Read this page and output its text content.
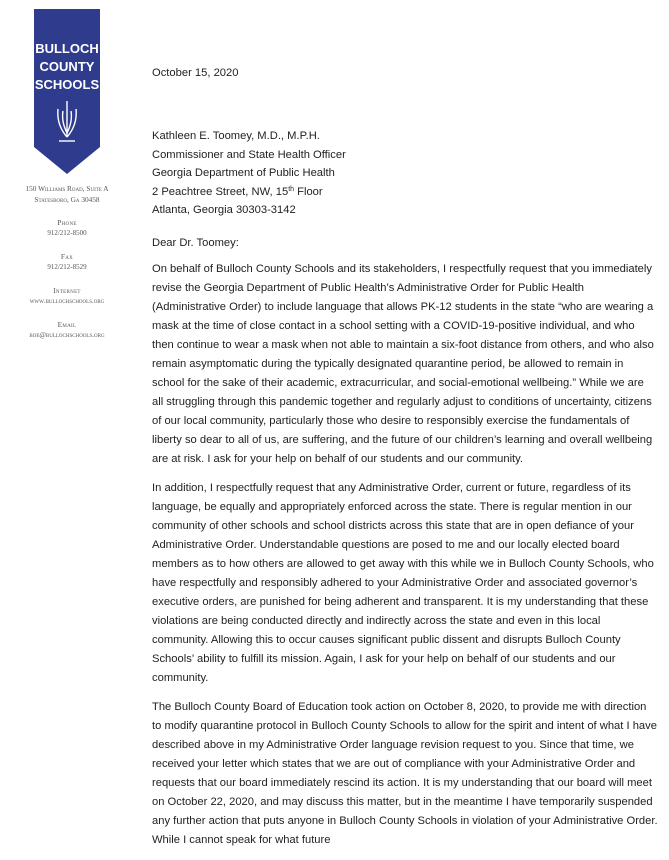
BULLOCH
COUNTY
SCHOOLS
150 Williams Road, Suite A
Statesboro, Ga 30458
Phone
912/212-8500
Fax
912/212-8529
Internet
www.bullochschools.org
Email
boe@bullochschools.org
October 15, 2020
Kathleen E. Toomey, M.D., M.P.H.
Commissioner and State Health Officer
Georgia Department of Public Health
2 Peachtree Street, NW, 15th Floor
Atlanta, Georgia 30303-3142
Dear Dr. Toomey:

On behalf of Bulloch County Schools and its stakeholders, I respectfully request that you immediately revise the Georgia Department of Public Health’s Administrative Order for Public Health (Administrative Order) to include language that allows PK-12 students in the state “who are wearing a mask at the time of close contact in a school setting with a COVID-19-positive individual, and who then continue to wear a mask when not able to maintain a six-foot distance from others, and who also remain asymptomatic during the typically designated quarantine period, be allowed to remain in school for the sake of their academic, extracurricular, and social-emotional wellbeing.” While we are all struggling through this pandemic together and regularly adjust to conditions of uncertainty, citizens of our local community, particularly those who desire to responsibly exercise the fundamentals of liberty so dear to all of us, are suffering, and the future of our children’s learning and overall wellbeing are at risk. I ask for your help on behalf of our students and our community.

In addition, I respectfully request that any Administrative Order, current or future, regardless of its language, be equally and appropriately enforced across the state. There is regular mention in our community of other schools and school districts across this state that are in open defiance of your Administrative Order. Understandable questions are posed to me and our locally elected board members as to how others are allowed to get away with this while we in Bulloch County Schools, who have respectfully and responsibly adhered to your Administrative Order and associated governor’s executive orders, are punished for being adherent and transparent. It is my understanding that these violations are being conducted directly and indirectly across the state and even in this local community. Allowing this to occur causes significant public dissent and disrupts Bulloch County Schools’ ability to fulfill its mission. Again, I ask for your help on behalf of our students and our community.

The Bulloch County Board of Education took action on October 8, 2020, to provide me with direction to modify quarantine protocol in Bulloch County Schools to allow for the spirit and intent of what I have described above in my Administrative Order language revision request to you. Since that time, we received your letter which states that we are out of compliance with your Administrative Order and requests that our board immediately rescind its action. It is my understanding that our board will meet on October 22, 2020, and may discuss this matter, but in the meantime I have temporarily suspended any further action that puts anyone in Bulloch County Schools in violation of your Administrative Order. While I cannot speak for what future
